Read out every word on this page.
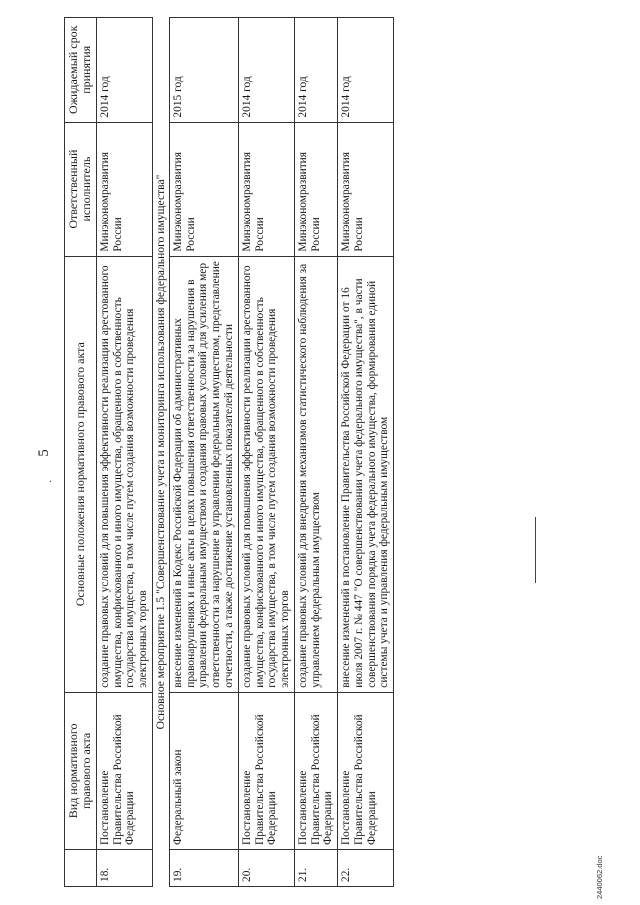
5
·
	Вид нормативного правового акта	Основные положения нормативного правового акта	Ответственный исполнитель	Ожидаемый срок принятия
18.	Постановление Правительства Российской Федерации	создание правовых условий для повышения эффективности реализации арестованного имущества, конфискованного и иного имущества, обращенного в собственность государства имущества, в том числе путем создания возможности проведения электронных торгов	Минэкономразвития России	2014 год
Основное мероприятие 1.5 "Совершенствование учета и мониторинга использования федерального имущества"				
19.	Федеральный закон	внесение изменений в Кодекс Российской Федерации об административных правонарушениях и иные акты в целях повышения ответственности за нарушения в управлении федеральным имуществом и создания правовых условий для усиления мер ответственности за нарушение в управлении федеральным имуществом, представление отчетности, а также достижение установленных показателей деятельности	Минэкономразвития России	2015 год
20.	Постановление Правительства Российской Федерации	создание правовых условий для повышения эффективности реализации арестованного имущества, конфискованного и иного имущества, обращенного в собственность государства имущества, в том числе путем создания возможности проведения электронных торгов	Минэкономразвития России	2014 год
21.	Постановление Правительства Российской Федерации	создание правовых условий для внедрения механизмов статистического наблюдения за управлением федеральным имуществом	Минэкономразвития России	2014 год
22.	Постановление Правительства Российской Федерации	внесение изменений в постановление Правительства Российской Федерации от 16 июля 2007 г. № 447 "О совершенствовании учета федерального имущества", в части совершенствования порядка учета федерального имущества, формирования единой системы учета и управления федеральным имуществом	Минэкономразвития России	2014 год
2440062.doc
